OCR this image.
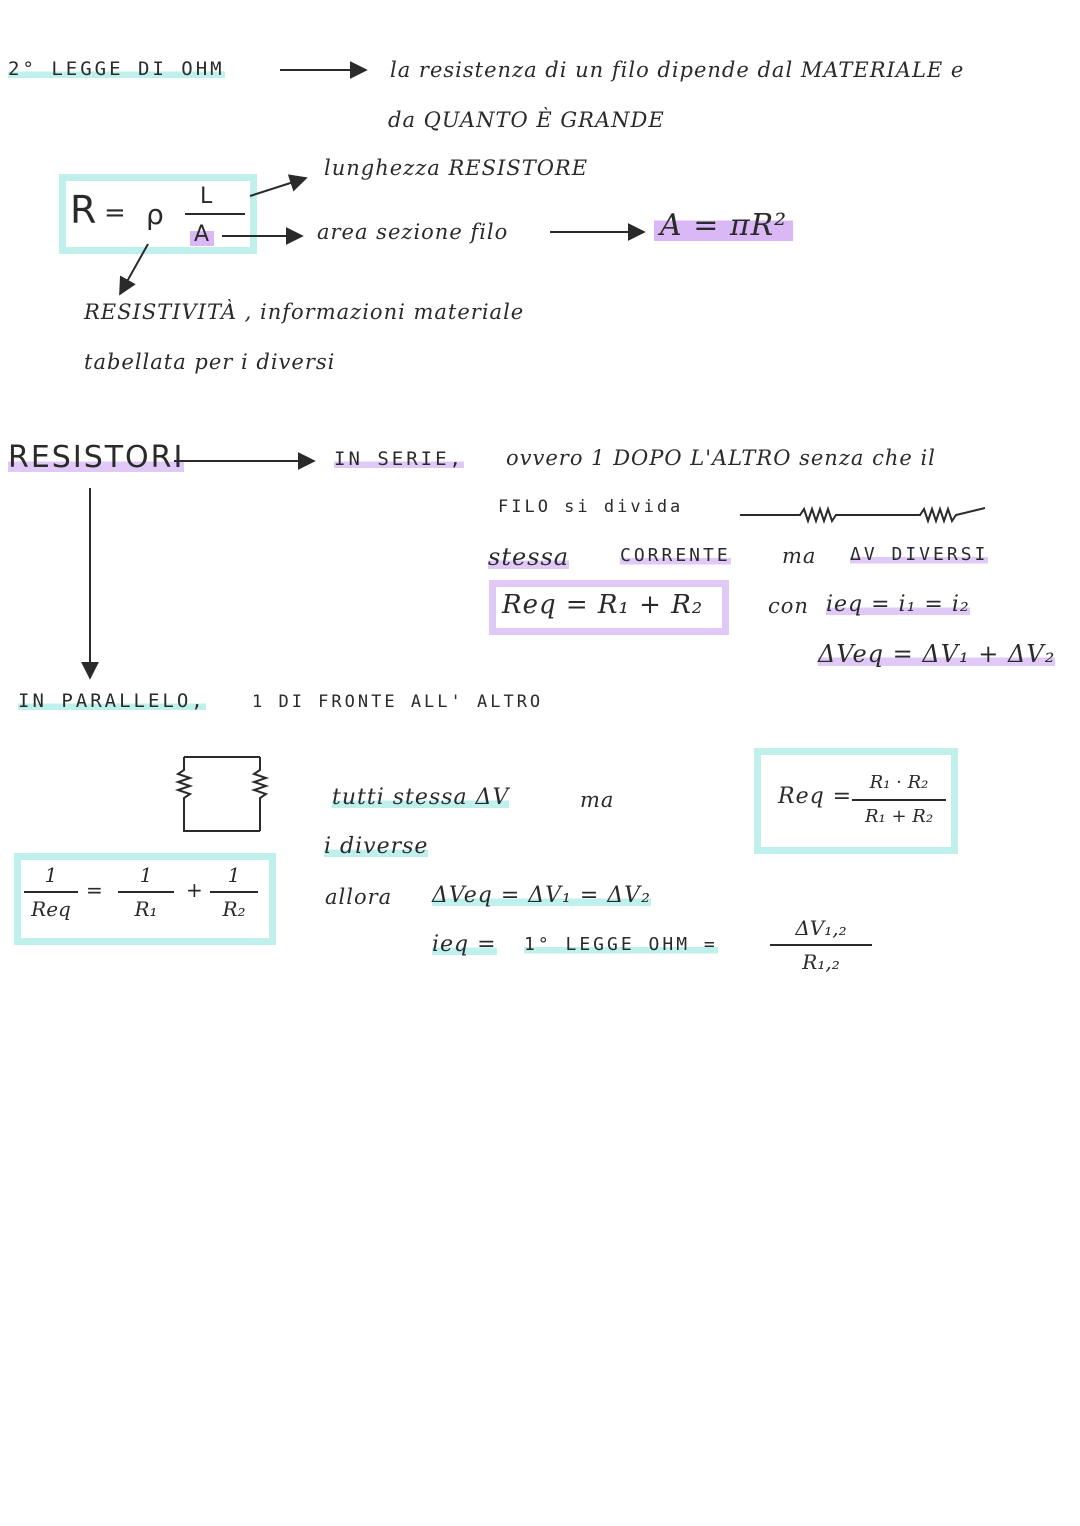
2° LEGGE DI OHM	la resistenza di un filo dipende dal MATERIALE e
da QUANTO È GRANDE
R = ρ
L
A
lunghezza RESISTORE
area sezione filo	A = πR²
RESISTIVITÀ , informazioni materiale
tabellata per i diversi
RESISTORI	IN SERIE, ovvero 1 DOPO L'ALTRO senza che il
FILO si divida
stessa	CORRENTE ma ΔV DIVERSI
Req = R₁ + R₂	con ieq = i₁ = i₂
ΔVeq = ΔV₁ + ΔV₂
IN PARALLELO,	1 DI FRONTE ALL' ALTRO
tutti stessa ΔV	ma
i diverse
allora ΔVeq = ΔV₁ = ΔV₂
ieq = 1° LEGGE OHM =
ΔV₁,₂
R₁,₂
1
Req
=
1
R₁
+
1
R₂
Req =
R₁ · R₂
R₁ + R₂
